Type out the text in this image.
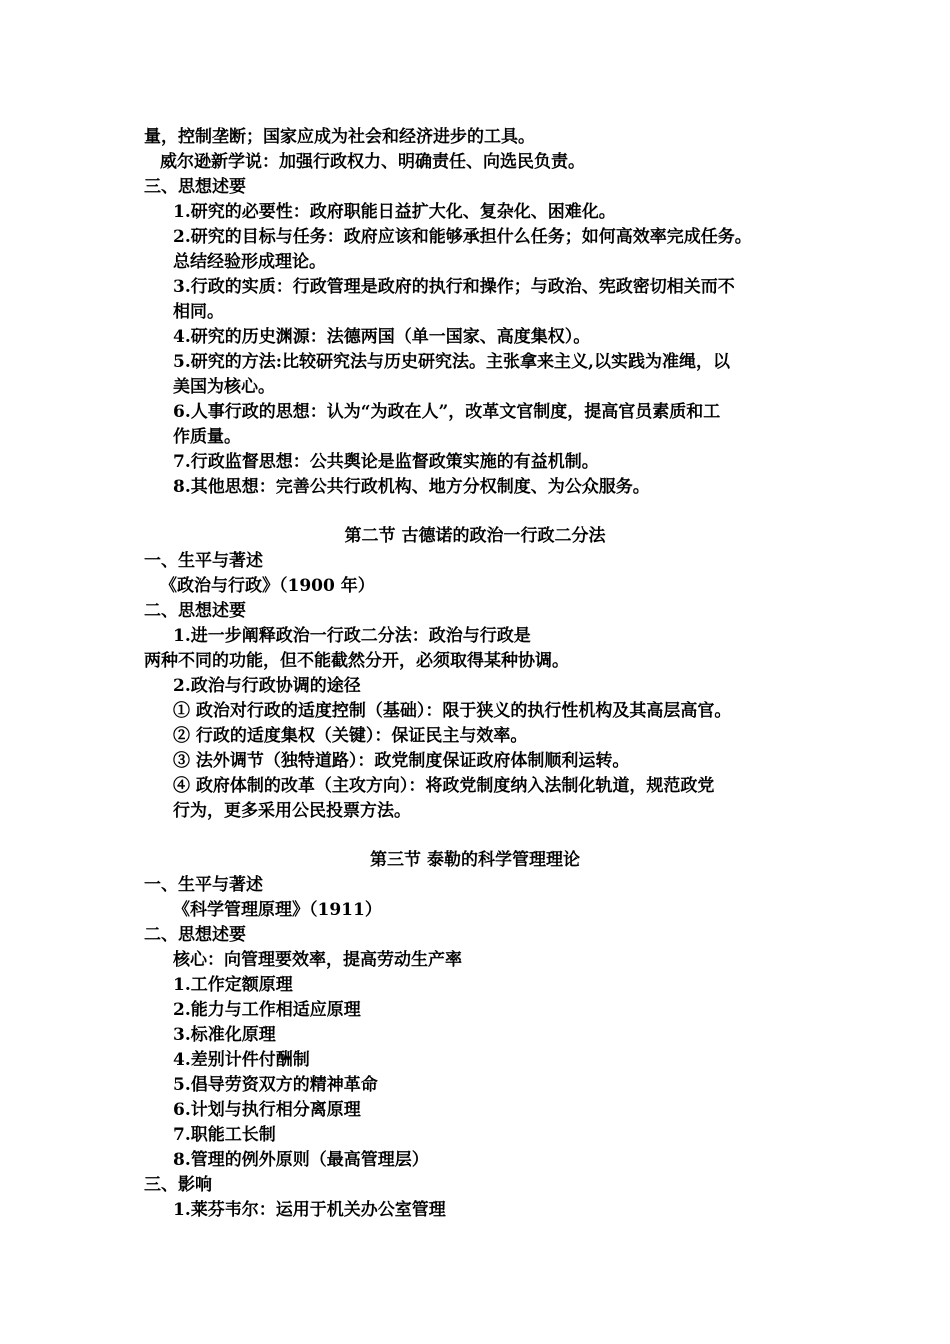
量，控制垄断；国家应成为社会和经济进步的工具。
威尔逊新学说：加强行政权力、明确责任、向选民负责。
三、思想述要
1.研究的必要性：政府职能日益扩大化、复杂化、困难化。
2.研究的目标与任务：政府应该和能够承担什么任务；如何高效率完成任务。
总结经验形成理论。
3.行政的实质：行政管理是政府的执行和操作；与政治、宪政密切相关而不
相同。
4.研究的历史渊源：法德两国（单一国家、高度集权）。
5.研究的方法:比较研究法与历史研究法。主张拿来主义,以实践为准绳，以
美国为核心。
6.人事行政的思想：认为“为政在人”，改革文官制度，提高官员素质和工
作质量。
7.行政监督思想：公共舆论是监督政策实施的有益机制。
8.其他思想：完善公共行政机构、地方分权制度、为公众服务。
第二节 古德诺的政治一行政二分法
一、生平与著述
《政治与行政》（1900 年）
二、思想述要
1.进一步阐释政治一行政二分法：政治与行政是
两种不同的功能，但不能截然分开，必须取得某种协调。
2.政治与行政协调的途径
① 政治对行政的适度控制（基础）：限于狭义的执行性机构及其高层高官。
② 行政的适度集权（关键）：保证民主与效率。
③ 法外调节（独特道路）：政党制度保证政府体制顺利运转。
④ 政府体制的改革（主攻方向）：将政党制度纳入法制化轨道，规范政党
行为，更多采用公民投票方法。
第三节 泰勒的科学管理理论
一、生平与著述
《科学管理原理》（1911）
二、思想述要
核心：向管理要效率，提高劳动生产率
1.工作定额原理
2.能力与工作相适应原理
3.标准化原理
4.差别计件付酬制
5.倡导劳资双方的精神革命
6.计划与执行相分离原理
7.职能工长制
8.管理的例外原则（最高管理层）
三、影响
1.莱芬韦尔：运用于机关办公室管理
